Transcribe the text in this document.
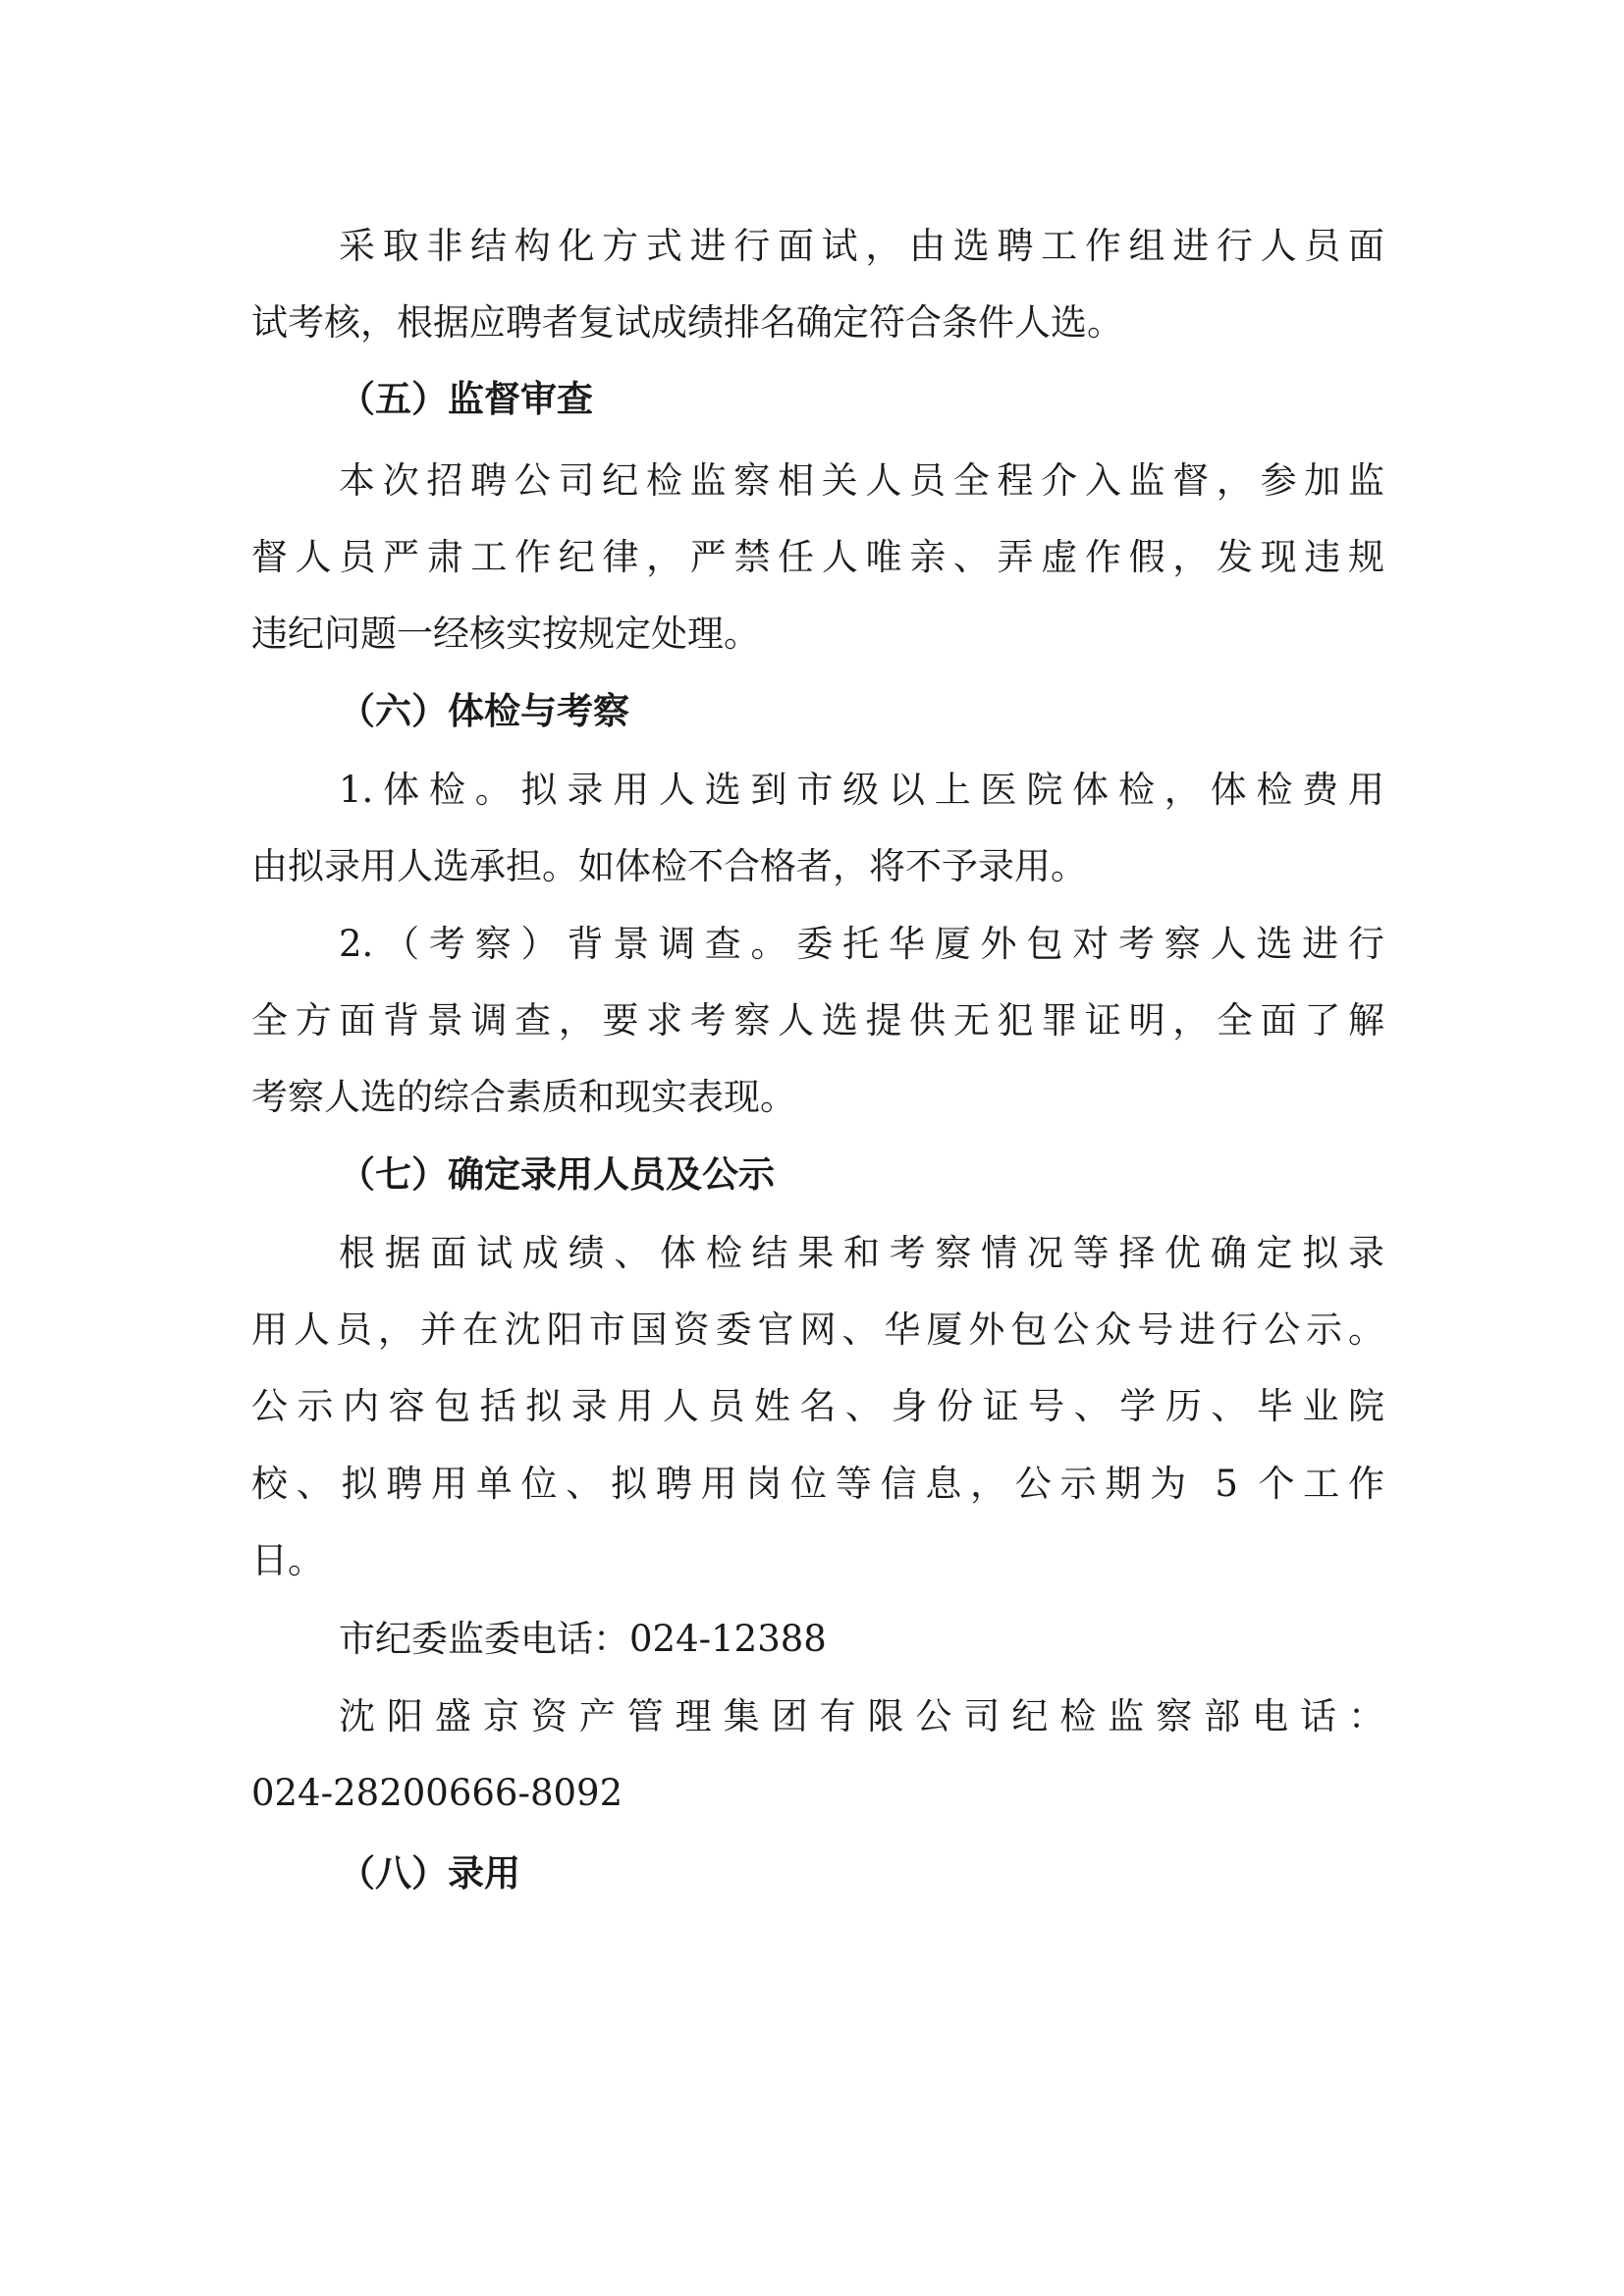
采取非结构化方式进行面试，由选聘工作组进行人员面
试考核，根据应聘者复试成绩排名确定符合条件人选。
（五）监督审查
本次招聘公司纪检监察相关人员全程介入监督，参加监
督人员严肃工作纪律，严禁任人唯亲、弄虚作假，发现违规
违纪问题一经核实按规定处理。
（六）体检与考察
1.体检。拟录用人选到市级以上医院体检，体检费用
由拟录用人选承担。如体检不合格者，将不予录用。
2.（考察）背景调查。委托华厦外包对考察人选进行
全方面背景调查，要求考察人选提供无犯罪证明，全面了解
考察人选的综合素质和现实表现。
（七）确定录用人员及公示
根据面试成绩、体检结果和考察情况等择优确定拟录
用人员，并在沈阳市国资委官网、华厦外包公众号进行公示。
公示内容包括拟录用人员姓名、身份证号、学历、毕业院
校、拟聘用单位、拟聘用岗位等信息，公示期为 5 个工作
日。
市纪委监委电话：024-12388
沈阳盛京资产管理集团有限公司纪检监察部电话：
024-28200666-8092
（八）录用
